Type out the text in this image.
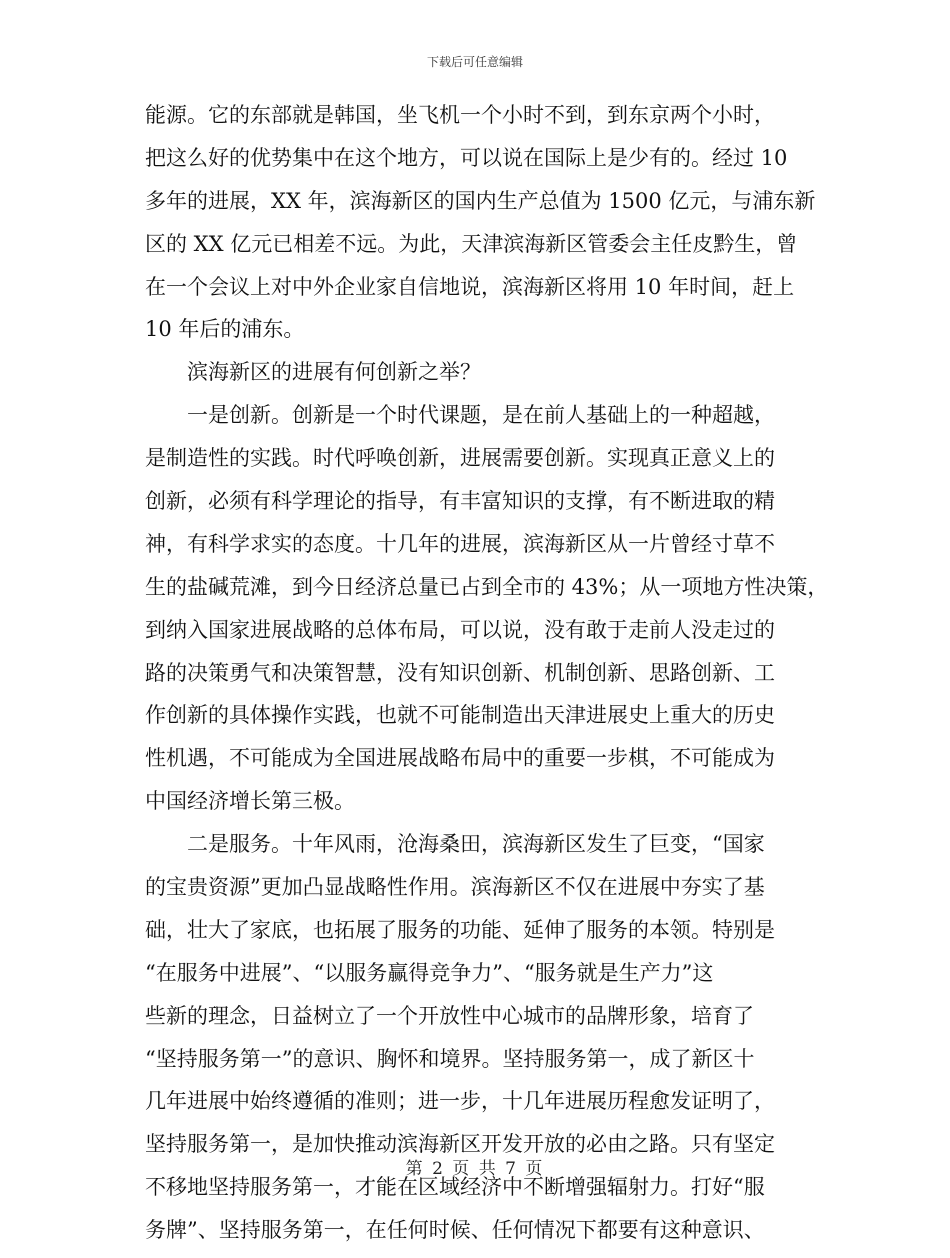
下载后可任意编辑
能源。它的东部就是韩国，坐飞机一个小时不到，到东京两个小时，
把这么好的优势集中在这个地方，可以说在国际上是少有的。经过 10
多年的进展，XX 年，滨海新区的国内生产总值为 1500 亿元，与浦东新
区的 XX 亿元已相差不远。为此，天津滨海新区管委会主任皮黔生，曾
在一个会议上对中外企业家自信地说，滨海新区将用 10 年时间，赶上
10 年后的浦东。
滨海新区的进展有何创新之举？
一是创新。创新是一个时代课题，是在前人基础上的一种超越，
是制造性的实践。时代呼唤创新，进展需要创新。实现真正意义上的
创新，必须有科学理论的指导，有丰富知识的支撑，有不断进取的精
神，有科学求实的态度。十几年的进展，滨海新区从一片曾经寸草不
生的盐碱荒滩，到今日经济总量已占到全市的 43%；从一项地方性决策，
到纳入国家进展战略的总体布局，可以说，没有敢于走前人没走过的
路的决策勇气和决策智慧，没有知识创新、机制创新、思路创新、工
作创新的具体操作实践，也就不可能制造出天津进展史上重大的历史
性机遇，不可能成为全国进展战略布局中的重要一步棋，不可能成为
中国经济增长第三极。
二是服务。十年风雨，沧海桑田，滨海新区发生了巨变，“国家
的宝贵资源”更加凸显战略性作用。滨海新区不仅在进展中夯实了基
础，壮大了家底，也拓展了服务的功能、延伸了服务的本领。特别是
“在服务中进展”、“以服务赢得竞争力”、“服务就是生产力”这
些新的理念，日益树立了一个开放性中心城市的品牌形象，培育了
“坚持服务第一”的意识、胸怀和境界。坚持服务第一，成了新区十
几年进展中始终遵循的准则；进一步，十几年进展历程愈发证明了，
坚持服务第一，是加快推动滨海新区开发开放的必由之路。只有坚定
不移地坚持服务第一，才能在区域经济中不断增强辐射力。打好“服
务牌”、坚持服务第一，在任何时候、任何情况下都要有这种意识、
第 2 页 共 7 页
